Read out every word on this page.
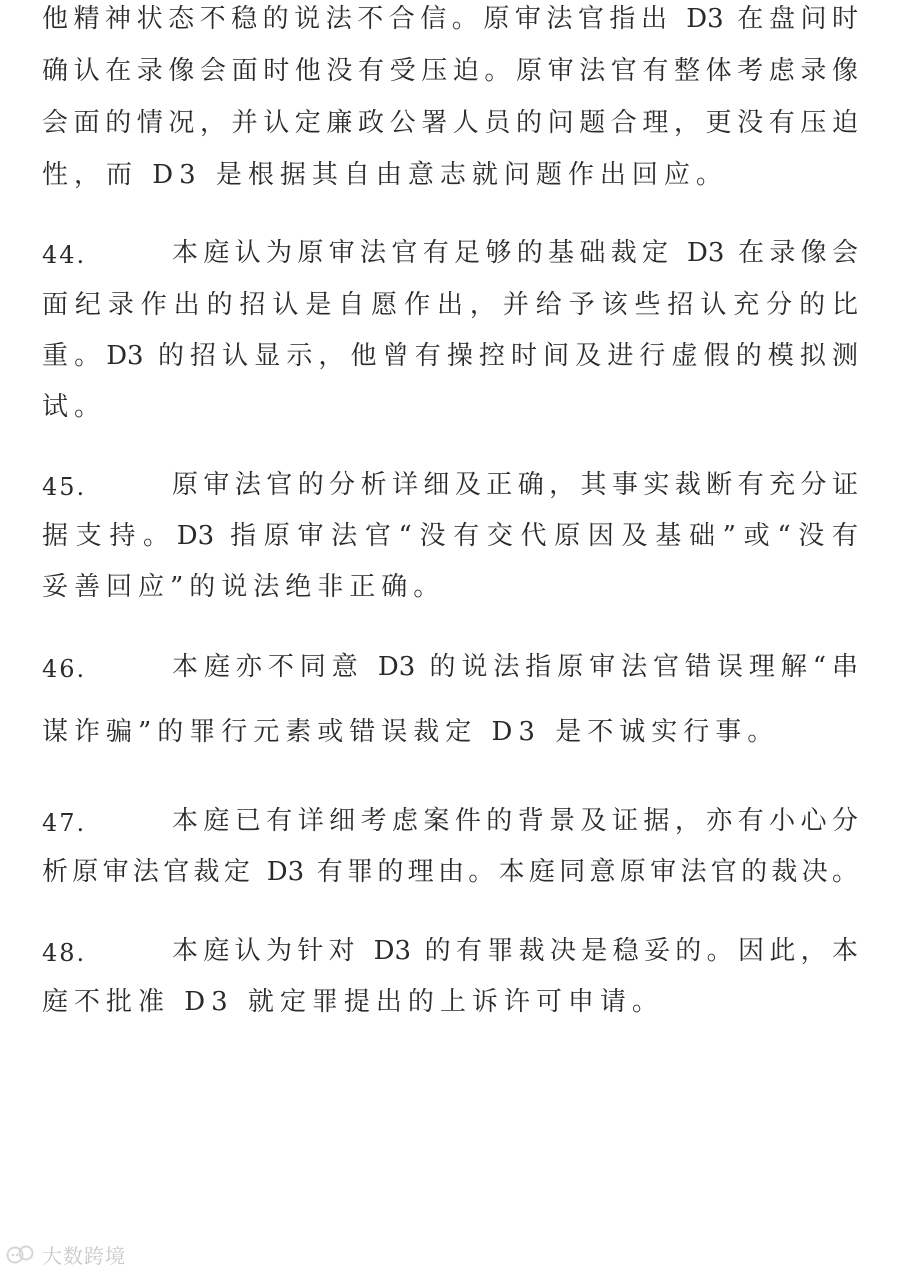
他精神状态不稳的说法不合信。原审法官指出 D3 在盘问时
确认在录像会面时他没有受压迫。原审法官有整体考虑录像
会面的情况，并认定廉政公署人员的问题合理，更没有压迫
性，而 D3 是根据其自由意志就问题作出回应。
44.	本庭认为原审法官有足够的基础裁定 D3 在录像会
面纪录作出的招认是自愿作出，并给予该些招认充分的比
重。D3 的招认显示，他曾有操控时间及进行虚假的模拟测
试。
45.	原审法官的分析详细及正确，其事实裁断有充分证
据支持。D3 指原审法官“没有交代原因及基础”或“没有
妥善回应”的说法绝非正确。
46.	本庭亦不同意 D3 的说法指原审法官错误理解“串
谋诈骗”的罪行元素或错误裁定 D3 是不诚实行事。
47.	本庭已有详细考虑案件的背景及证据，亦有小心分
析原审法官裁定 D3 有罪的理由。本庭同意原审法官的裁决。
48.	本庭认为针对 D3 的有罪裁决是稳妥的。因此，本
庭不批准 D3 就定罪提出的上诉许可申请。
大数跨境
